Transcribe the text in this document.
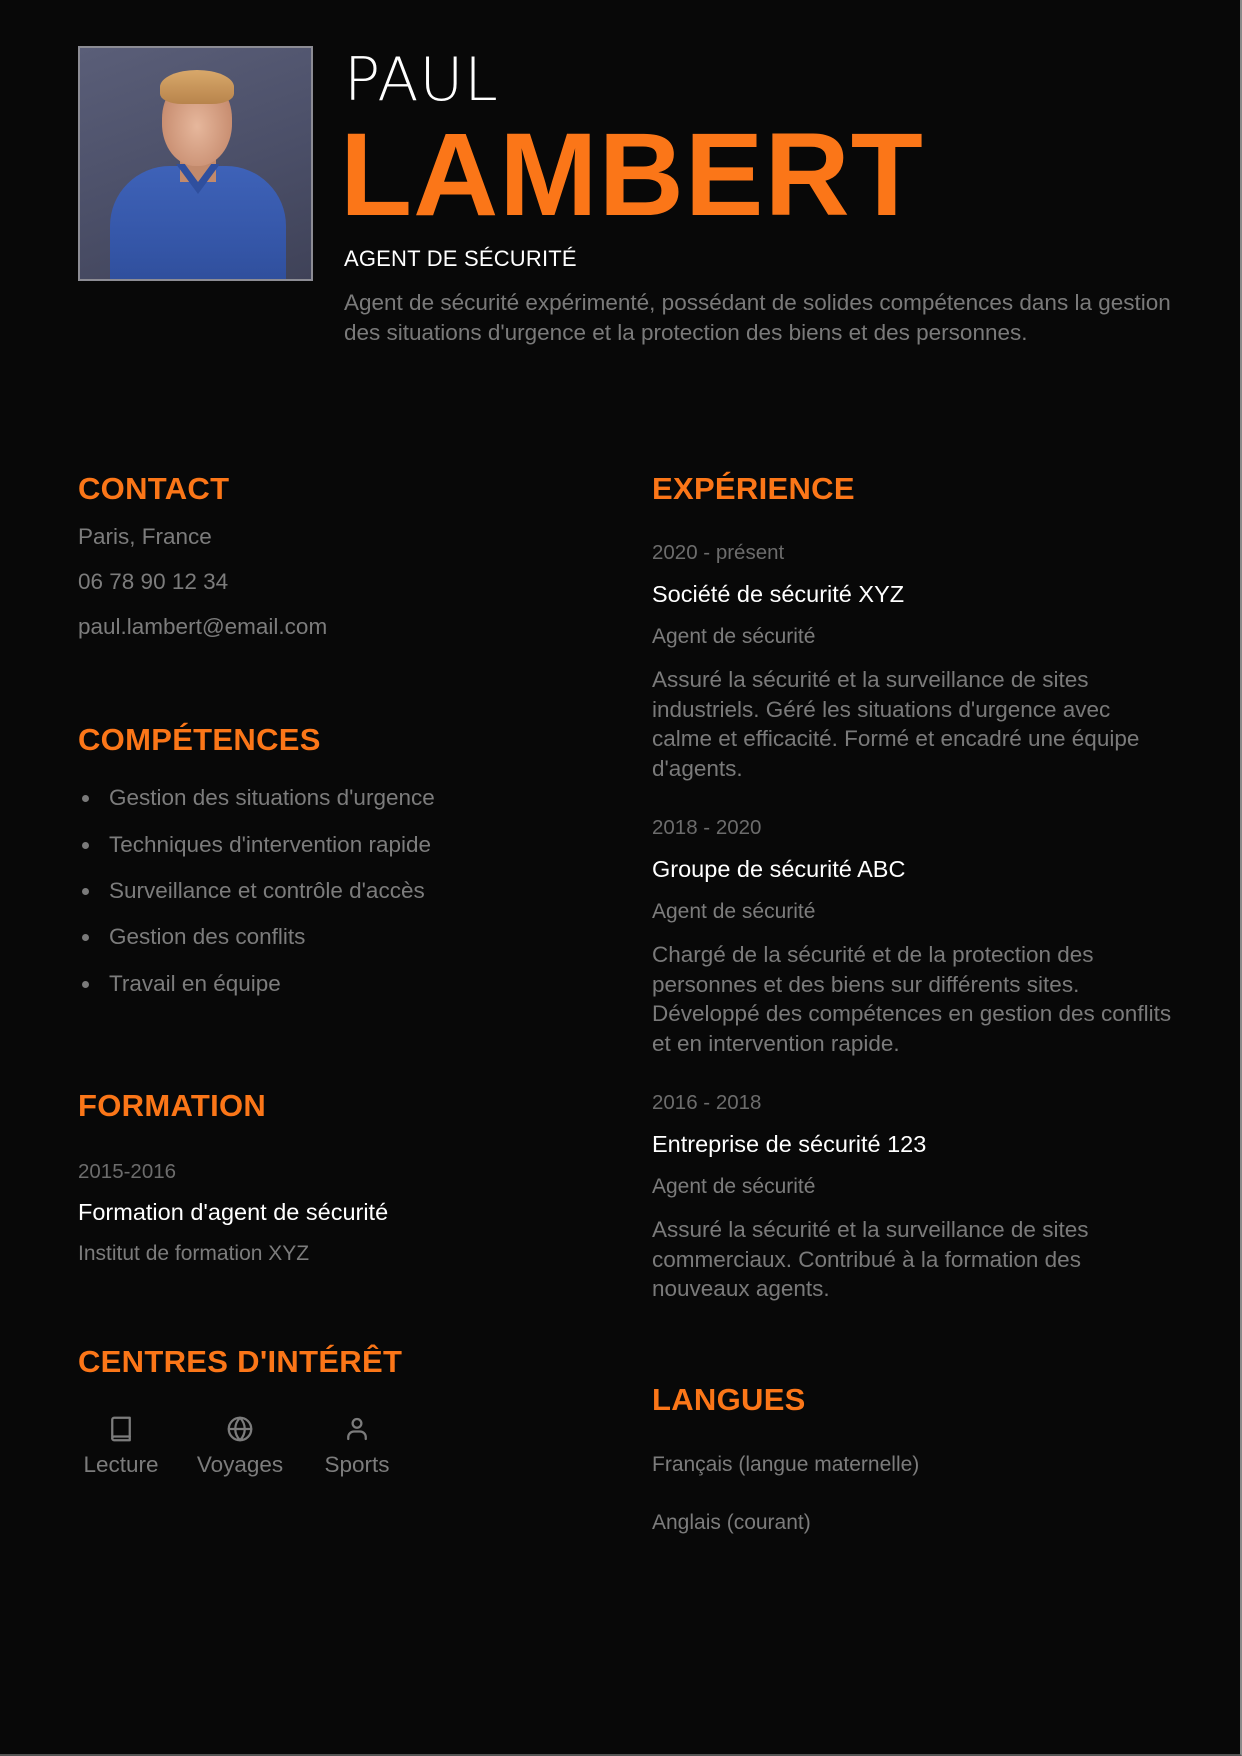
PAUL
LAMBERT
AGENT DE SÉCURITÉ
Agent de sécurité expérimenté, possédant de solides compétences dans la gestion des situations d'urgence et la protection des biens et des personnes.
CONTACT
Paris, France
06 78 90 12 34
paul.lambert@email.com
COMPÉTENCES
Gestion des situations d'urgence
Techniques d'intervention rapide
Surveillance et contrôle d'accès
Gestion des conflits
Travail en équipe
FORMATION
2015-2016
Formation d'agent de sécurité
Institut de formation XYZ
CENTRES D'INTÉRÊT
Lecture Voyages Sports
EXPÉRIENCE
2020 - présent
Société de sécurité XYZ
Agent de sécurité
Assuré la sécurité et la surveillance de sites industriels. Géré les situations d'urgence avec calme et efficacité. Formé et encadré une équipe d'agents.
2018 - 2020
Groupe de sécurité ABC
Agent de sécurité
Chargé de la sécurité et de la protection des personnes et des biens sur différents sites. Développé des compétences en gestion des conflits et en intervention rapide.
2016 - 2018
Entreprise de sécurité 123
Agent de sécurité
Assuré la sécurité et la surveillance de sites commerciaux. Contribué à la formation des nouveaux agents.
LANGUES
Français (langue maternelle)
Anglais (courant)
